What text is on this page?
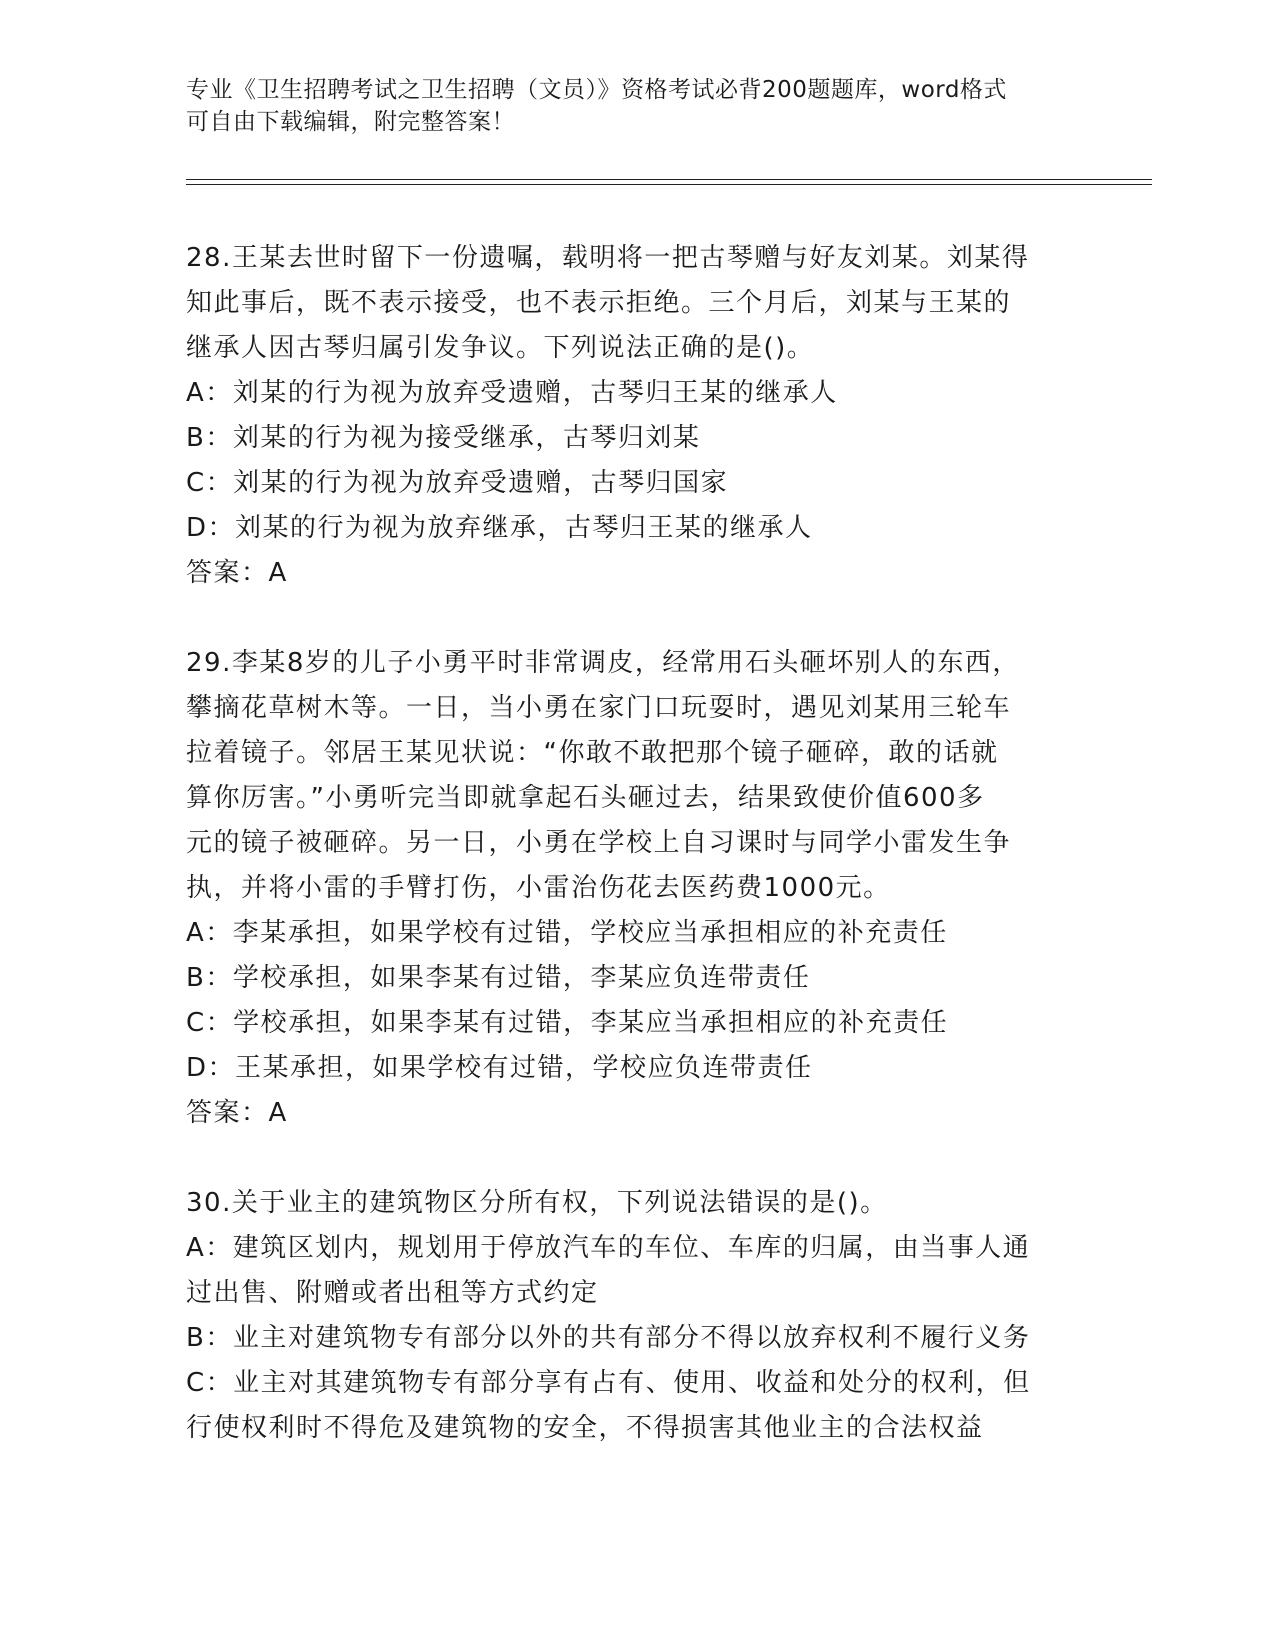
专业《卫生招聘考试之卫生招聘（文员）》资格考试必背200题题库，word格式
可自由下载编辑，附完整答案！
28.王某去世时留下一份遗嘱，载明将一把古琴赠与好友刘某。刘某得
知此事后，既不表示接受，也不表示拒绝。三个月后，刘某与王某的
继承人因古琴归属引发争议。下列说法正确的是()。
A：刘某的行为视为放弃受遗赠，古琴归王某的继承人
B：刘某的行为视为接受继承，古琴归刘某
C：刘某的行为视为放弃受遗赠，古琴归国家
D：刘某的行为视为放弃继承，古琴归王某的继承人
答案：A
29.李某8岁的儿子小勇平时非常调皮，经常用石头砸坏别人的东西，
攀摘花草树木等。一日，当小勇在家门口玩耍时，遇见刘某用三轮车
拉着镜子。邻居王某见状说：“你敢不敢把那个镜子砸碎，敢的话就
算你厉害。”小勇听完当即就拿起石头砸过去，结果致使价值600多
元的镜子被砸碎。另一日，小勇在学校上自习课时与同学小雷发生争
执，并将小雷的手臂打伤，小雷治伤花去医药费1000元。
A：李某承担，如果学校有过错，学校应当承担相应的补充责任
B：学校承担，如果李某有过错，李某应负连带责任
C：学校承担，如果李某有过错，李某应当承担相应的补充责任
D：王某承担，如果学校有过错，学校应负连带责任
答案：A
30.关于业主的建筑物区分所有权，下列说法错误的是()。
A：建筑区划内，规划用于停放汽车的车位、车库的归属，由当事人通
过出售、附赠或者出租等方式约定
B：业主对建筑物专有部分以外的共有部分不得以放弃权利不履行义务
C：业主对其建筑物专有部分享有占有、使用、收益和处分的权利，但
行使权利时不得危及建筑物的安全，不得损害其他业主的合法权益
